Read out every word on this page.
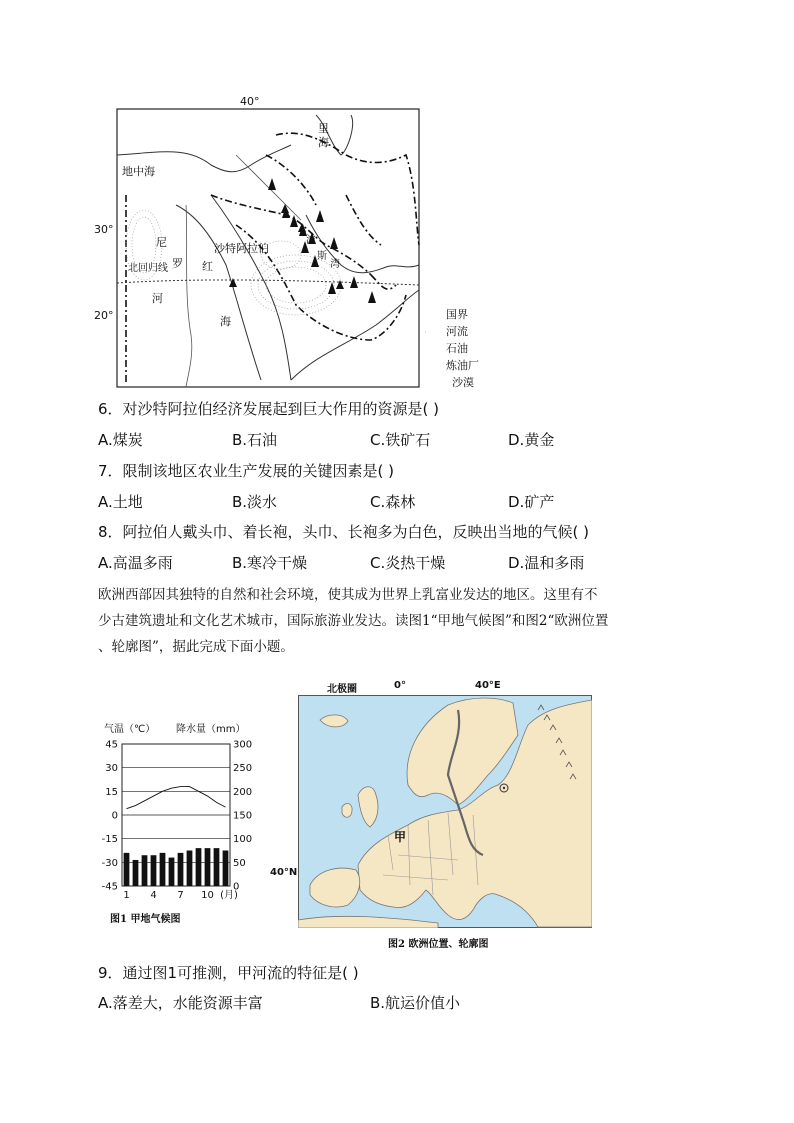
40°
30°
20°
地中海
里
海
沙特阿拉伯
尼
罗
河
北回归线	红
海
波
斯
湾
国界
河流
石油
炼油厂
沙漠
6．对沙特阿拉伯经济发展起到巨大作用的资源是( )
A.煤炭	B.石油	C.铁矿石	D.黄金
7．限制该地区农业生产发展的关键因素是( )
A.土地	B.淡水	C.森林	D.矿产
8．阿拉伯人戴头巾、着长袍，头巾、长袍多为白色，反映出当地的气候( )
A.高温多雨	B.寒冷干燥	C.炎热干燥	D.温和多雨
欧洲西部因其独特的自然和社会环境，使其成为世界上乳富业发达的地区。这里有不
少古建筑遗址和文化艺术城市，国际旅游业发达。读图1“甲地气候图”和图2“欧洲位置
、轮廓图”，据此完成下面小题。
气温（℃） 降水量（mm）
45
30
15
0
-15
-30
-45
300
250
200
150
100
50
0
1 4 7 10 (月)
图1 甲地气候图
北极圈	0°	40°E
40°N
甲
图2 欧洲位置、轮廓图
9．通过图1可推测，甲河流的特征是( )
A.落差大，水能资源丰富	B.航运价值小
